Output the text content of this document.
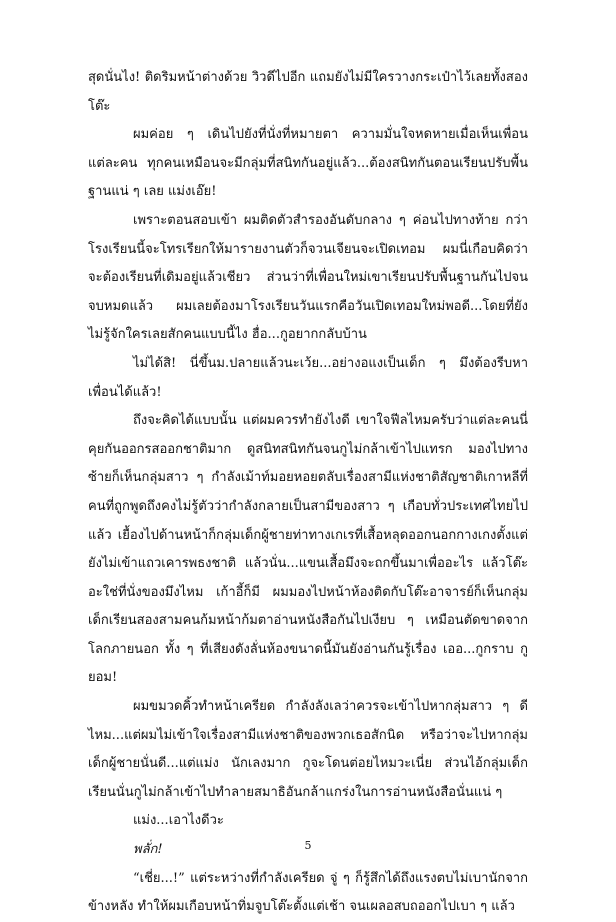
สุดนั่นไง! ติดริมหน้าต่างด้วย วิวดีไปอีก แถมยังไม่มีใครวางกระเป๋าไว้เลยทั้งสองโต๊ะ

ผมค่อย ๆ เดินไปยังที่นั่งที่หมายตา ความมั่นใจหดหายเมื่อเห็นเพื่อนแต่ละคน ทุกคนเหมือนจะมีกลุ่มที่สนิทกันอยู่แล้ว...ต้องสนิทกันตอนเรียนปรับพื้นฐานแน่ ๆ เลย แม่งเอ๊ย!

เพราะตอนสอบเข้า ผมติดตัวสำรองอันดับกลาง ๆ ค่อนไปทางท้าย กว่าโรงเรียนนี้จะโทรเรียกให้มารายงานตัวก็จวนเจียนจะเปิดเทอม ผมนี่เกือบคิดว่าจะต้องเรียนที่เดิมอยู่แล้วเชียว ส่วนว่าที่เพื่อนใหม่เขาเรียนปรับพื้นฐานกันไปจนจบหมดแล้ว ผมเลยต้องมาโรงเรียนวันแรกคือวันเปิดเทอมใหม่พอดี...โดยที่ยังไม่รู้จักใครเลยสักคนแบบนี้ไง ฮื่อ...กูอยากกลับบ้าน

ไม่ได้สิ! นี่ขึ้นม.ปลายแล้วนะเว้ย...อย่างอแงเป็นเด็ก ๆ มึงต้องรีบหาเพื่อนได้แล้ว!

ถึงจะคิดได้แบบนั้น แต่ผมควรทำยังไงดี เขาใจฟีลไหมครับว่าแต่ละคนนี่คุยกันออกรสออกชาติมาก ดูสนิทสนิทกันจนกูไม่กล้าเข้าไปแทรก มองไปทางซ้ายก็เห็นกลุ่มสาว ๆ กำลังเม้าท์มอยหอยตลับเรื่องสามีแห่งชาติสัญชาติเกาหลีที่คนที่ถูกพูดถึงคงไม่รู้ตัวว่ากำลังกลายเป็นสามีของสาว ๆ เกือบทั่วประเทศไทยไปแล้ว เยื้องไปด้านหน้าก็กลุ่มเด็กผู้ชายท่าทางเกเรที่เสื้อหลุดออกนอกกางเกงตั้งแต่ยังไม่เข้าแถวเคารพธงชาติ แล้วนั่น...แขนเสื้อมึงจะถกขึ้นมาเพื่ออะไร แล้วโต๊ะอะใช่ที่นั่งของมึงไหม เก้าอี้ก็มี ผมมองไปหน้าห้องติดกับโต๊ะอาจารย์ก็เห็นกลุ่มเด็กเรียนสองสามคนก้มหน้าก้มตาอ่านหนังสือกันไปเงียบ ๆ เหมือนตัดขาดจากโลกภายนอก ทั้ง ๆ ที่เสียงดังลั่นห้องขนาดนี้มันยังอ่านกันรู้เรื่อง เออ...กูกราบ กูยอม!

ผมขมวดคิ้วทำหน้าเครียด กำลังลังเลว่าควรจะเข้าไปหากลุ่มสาว ๆ ดีไหม...แต่ผมไม่เข้าใจเรื่องสามีแห่งชาติของพวกเธอสักนิด หรือว่าจะไปหากลุ่มเด็กผู้ชายนั่นดี...แต่แม่ง นักเลงมาก กูจะโดนต่อยไหมวะเนี่ย ส่วนไอ้กลุ่มเด็กเรียนนั่นกูไม่กล้าเข้าไปทำลายสมาธิอันกล้าแกร่งในการอ่านหนังสือนั่นแน่ ๆ

แม่ง...เอาไงดีวะ

พลั่ก!

“เชี่ย...!” แต่ระหว่างที่กำลังเครียด จู่ ๆ ก็รู้สึกได้ถึงแรงตบไม่เบานักจากข้างหลัง ทำให้ผมเกือบหน้าทิ่มจูบโต๊ะตั้งแต่เช้า จนเผลอสบถออกไปเบา ๆ แล้ว

5
